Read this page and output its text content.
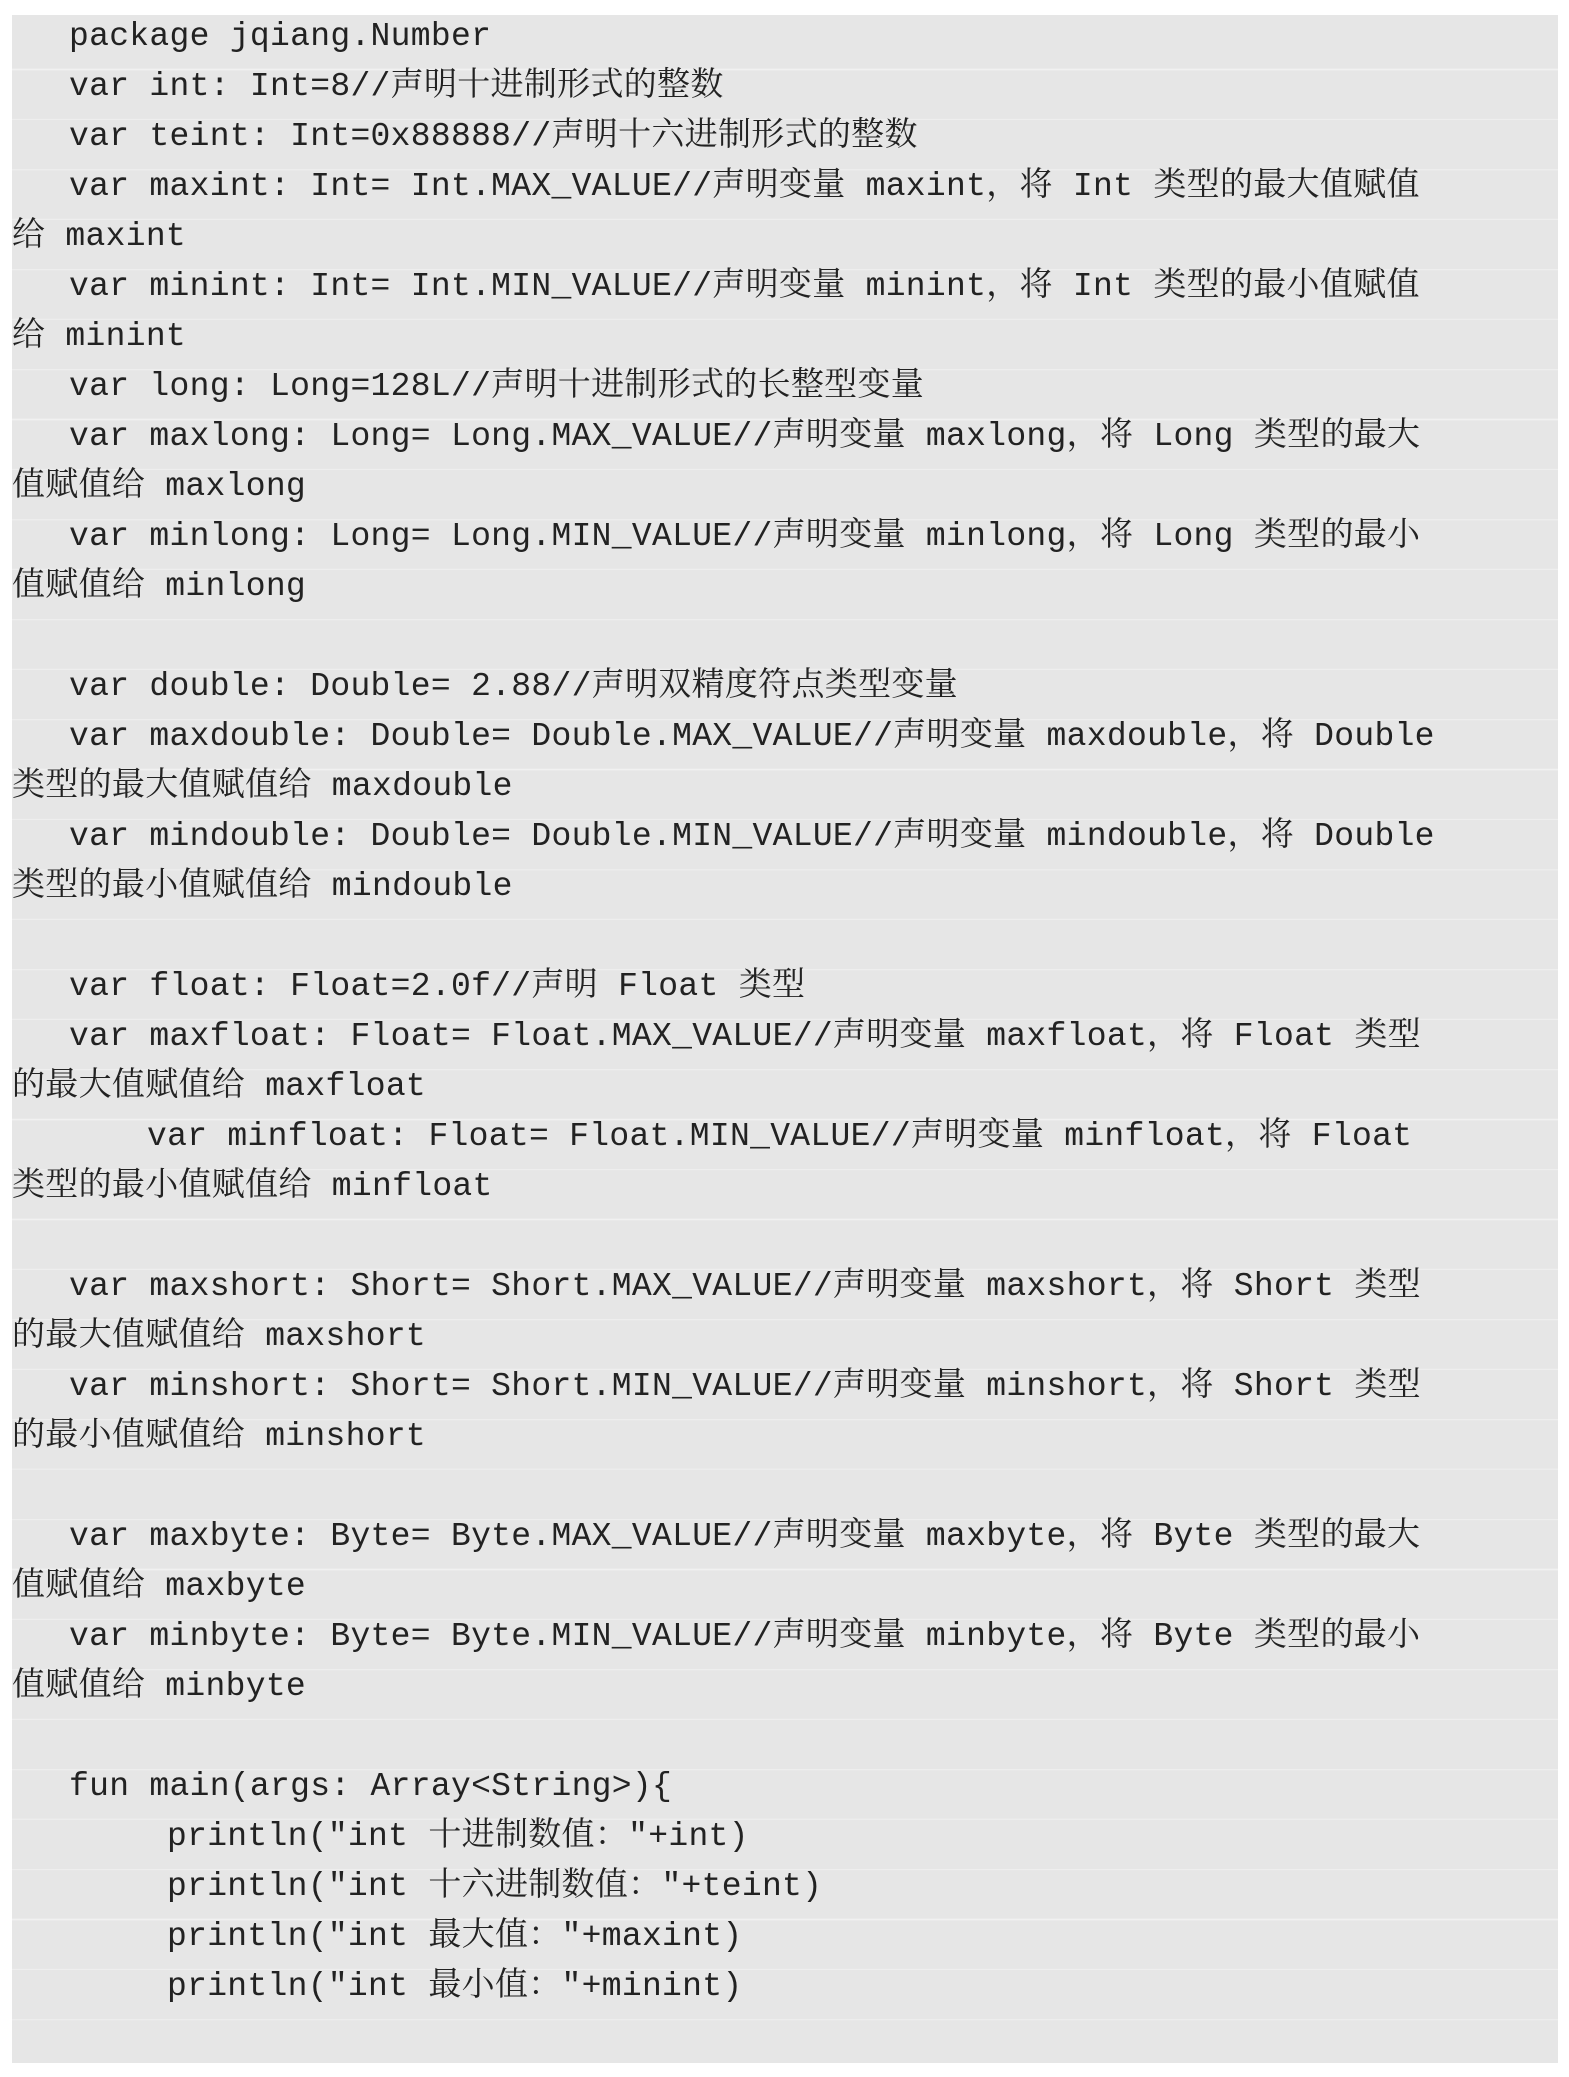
package jqiang.Number
var int: Int=8//声明十进制形式的整数
var teint: Int=0x88888//声明十六进制形式的整数
var maxint: Int= Int.MAX_VALUE//声明变量 maxint，将 Int 类型的最大值赋值
给 maxint
var minint: Int= Int.MIN_VALUE//声明变量 minint，将 Int 类型的最小值赋值
给 minint
var long: Long=128L//声明十进制形式的长整型变量
var maxlong: Long= Long.MAX_VALUE//声明变量 maxlong，将 Long 类型的最大
值赋值给 maxlong
var minlong: Long= Long.MIN_VALUE//声明变量 minlong，将 Long 类型的最小
值赋值给 minlong
var double: Double= 2.88//声明双精度符点类型变量
var maxdouble: Double= Double.MAX_VALUE//声明变量 maxdouble，将 Double
类型的最大值赋值给 maxdouble
var mindouble: Double= Double.MIN_VALUE//声明变量 mindouble，将 Double
类型的最小值赋值给 mindouble
var float: Float=2.0f//声明 Float 类型
var maxfloat: Float= Float.MAX_VALUE//声明变量 maxfloat，将 Float 类型
的最大值赋值给 maxfloat
var minfloat: Float= Float.MIN_VALUE//声明变量 minfloat，将 Float
类型的最小值赋值给 minfloat
var maxshort: Short= Short.MAX_VALUE//声明变量 maxshort，将 Short 类型
的最大值赋值给 maxshort
var minshort: Short= Short.MIN_VALUE//声明变量 minshort，将 Short 类型
的最小值赋值给 minshort
var maxbyte: Byte= Byte.MAX_VALUE//声明变量 maxbyte，将 Byte 类型的最大
值赋值给 maxbyte
var minbyte: Byte= Byte.MIN_VALUE//声明变量 minbyte，将 Byte 类型的最小
值赋值给 minbyte
fun main(args: Array<String>){
println("int 十进制数值："+int)
println("int 十六进制数值："+teint)
println("int 最大值："+maxint)
println("int 最小值："+minint)
